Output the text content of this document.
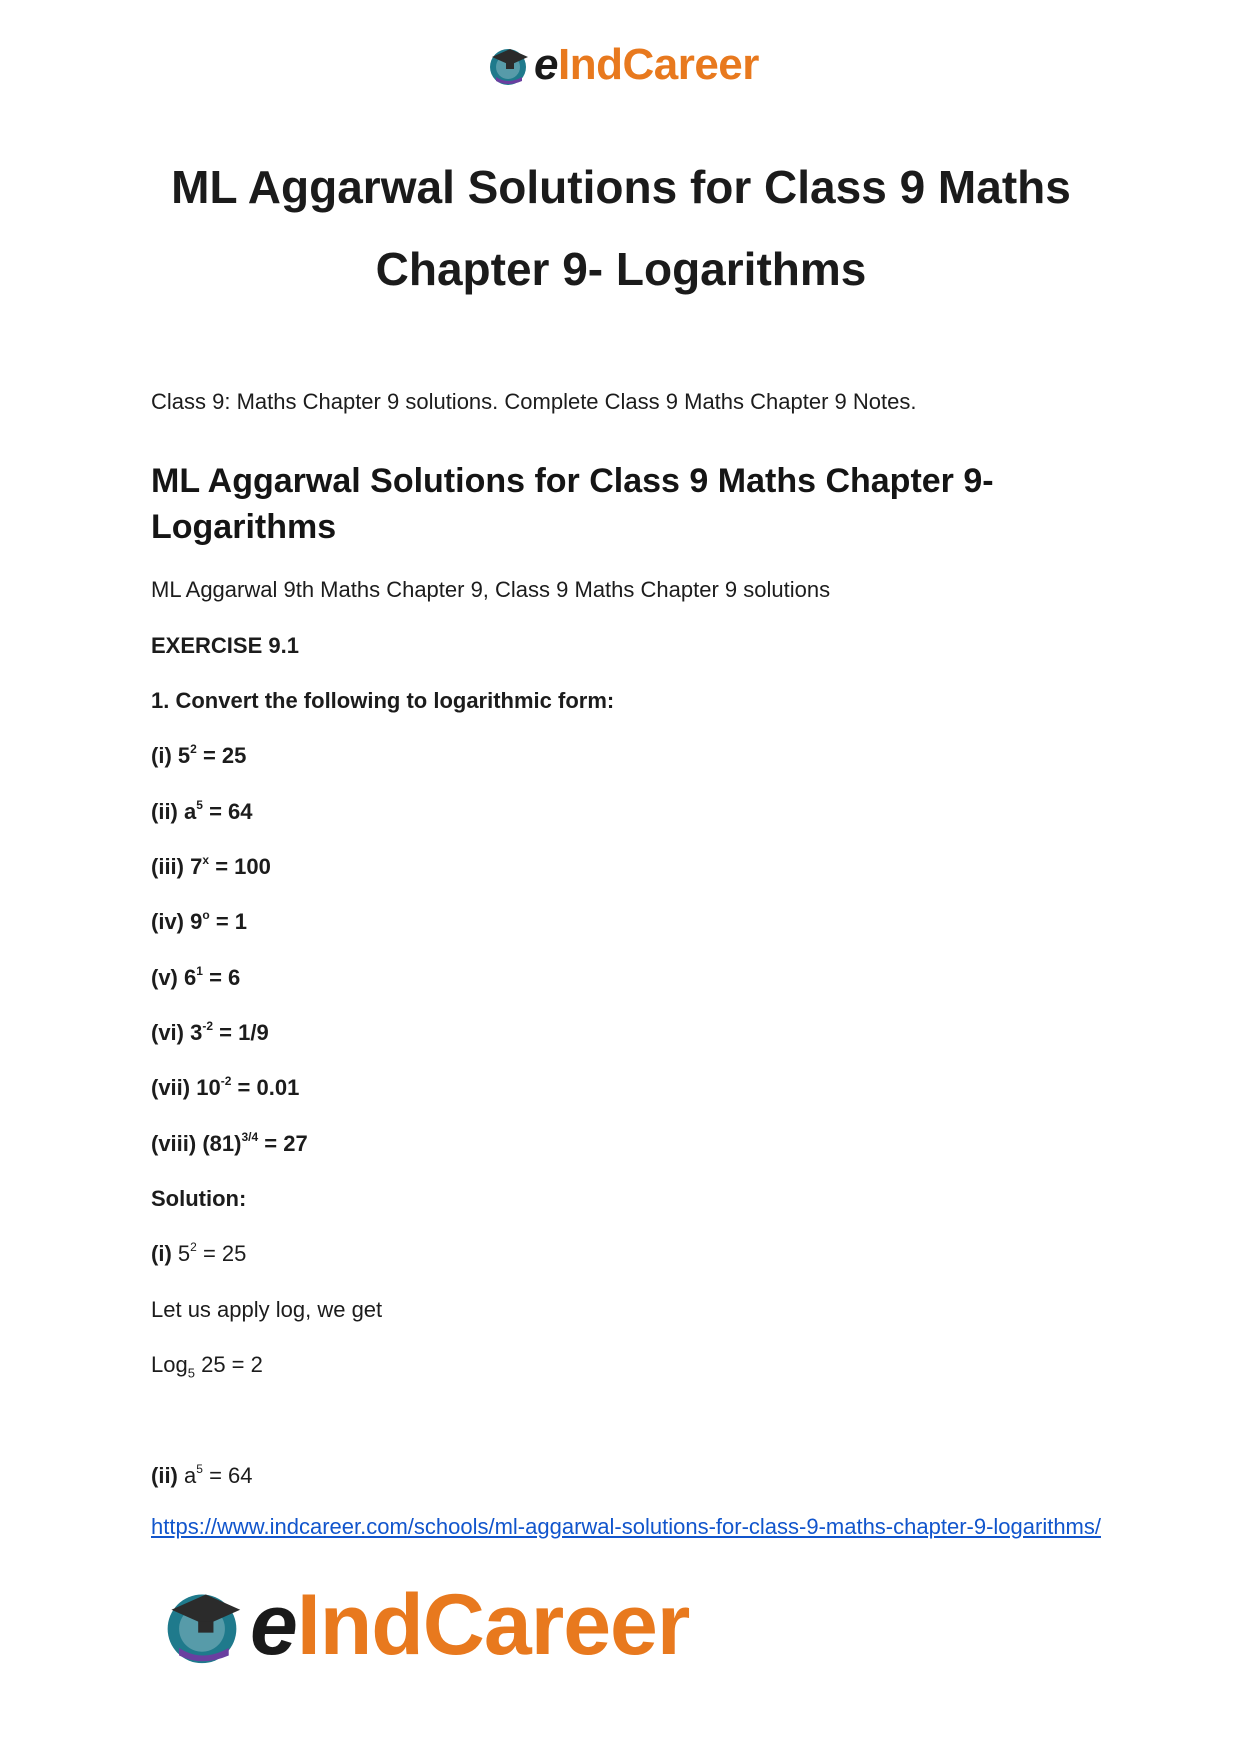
eIndCareer
ML Aggarwal Solutions for Class 9 Maths
Chapter 9- Logarithms
Class 9: Maths Chapter 9 solutions. Complete Class 9 Maths Chapter 9 Notes.
ML Aggarwal Solutions for Class 9 Maths Chapter 9- Logarithms
ML Aggarwal 9th Maths Chapter 9, Class 9 Maths Chapter 9 solutions
EXERCISE 9.1
1. Convert the following to logarithmic form:
(i) $5^2 = 25$
(ii) $a^5 = 64$
(iii) $7^x = 100$
(iv) $9^o = 1$
(v) $6^1 = 6$
(vi) $3^{-2} = 1/9$
(vii) $10^{-2} = 0.01$
(viii) $(81)^{3/4} = 27$
Solution:
(i) $5^2 = 25$
Let us apply log, we get
Log$_5$ 25 = 2
(ii) $a^5 = 64$
https://www.indcareer.com/schools/ml-aggarwal-solutions-for-class-9-maths-chapter-9-logarithms/
eIndCareer
